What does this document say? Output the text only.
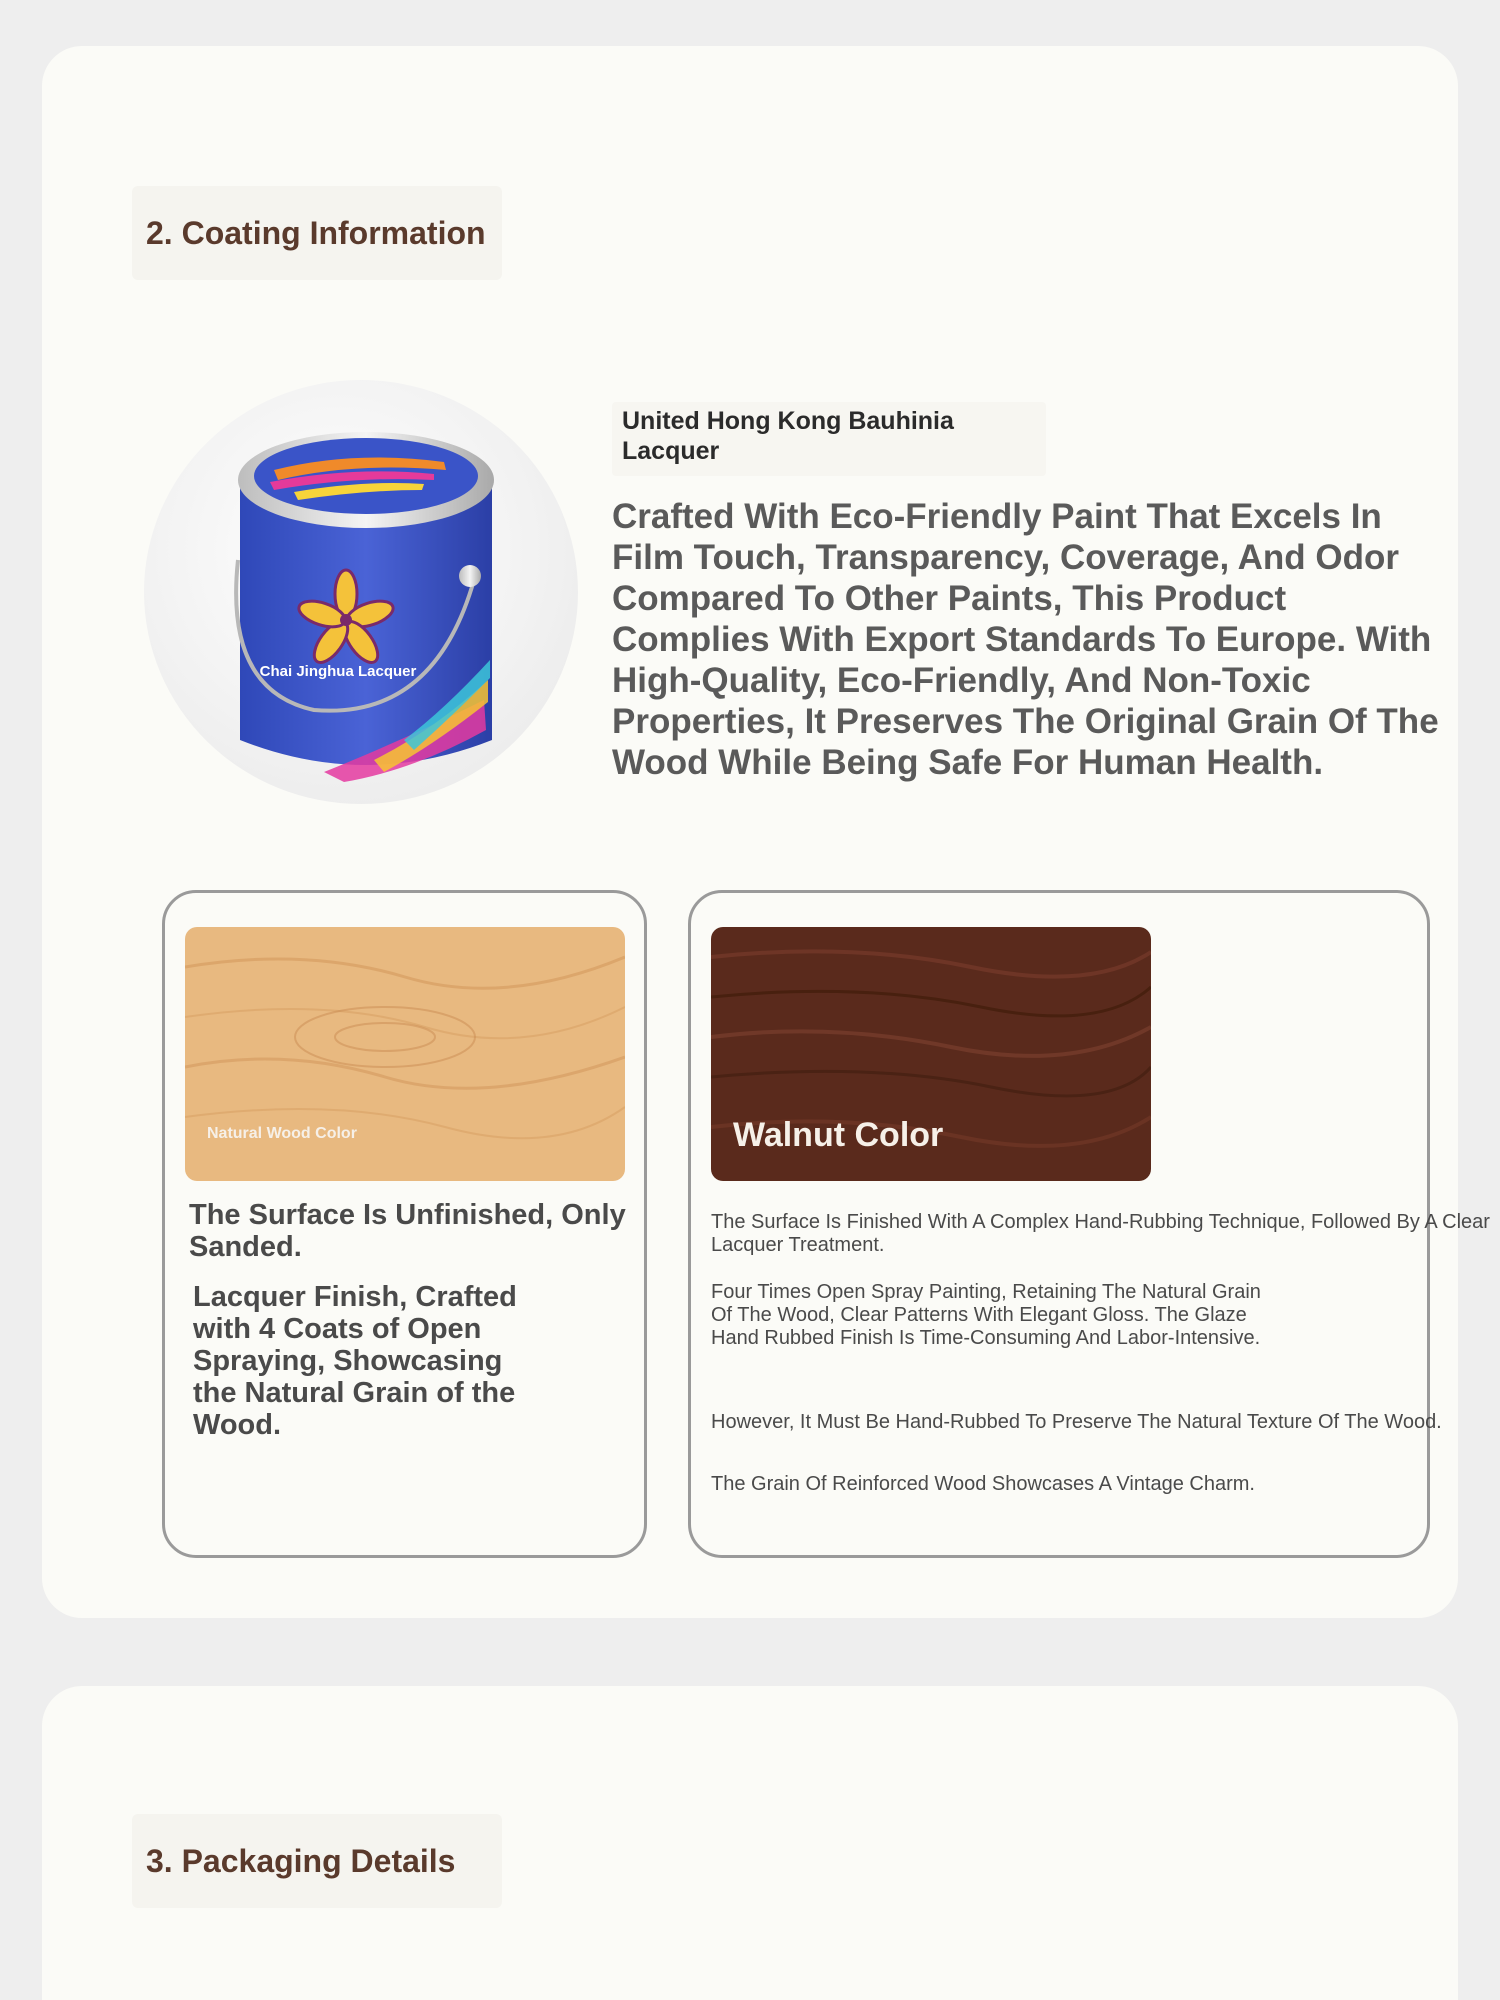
2. Coating Information
Chai Jinghua Lacquer
United Hong Kong Bauhinia Lacquer
Crafted With Eco-Friendly Paint That Excels In Film Touch, Transparency, Coverage, And Odor Compared To Other Paints, This Product Complies With Export Standards To Europe. With High-Quality, Eco-Friendly, And Non-Toxic Properties, It Preserves The Original Grain Of The Wood While Being Safe For Human Health.
Natural Wood Color
The Surface Is Unfinished, Only Sanded.
Lacquer Finish, Crafted with 4 Coats of Open Spraying, Showcasing the Natural Grain of the Wood.
Walnut Color
The Surface Is Finished With A Complex Hand-Rubbing Technique, Followed By A Clear Lacquer Treatment.
Four Times Open Spray Painting, Retaining The Natural Grain Of The Wood, Clear Patterns With Elegant Gloss. The Glaze Hand Rubbed Finish Is Time-Consuming And Labor-Intensive.
However, It Must Be Hand-Rubbed To Preserve The Natural Texture Of The Wood.
The Grain Of Reinforced Wood Showcases A Vintage Charm.
3. Packaging Details
